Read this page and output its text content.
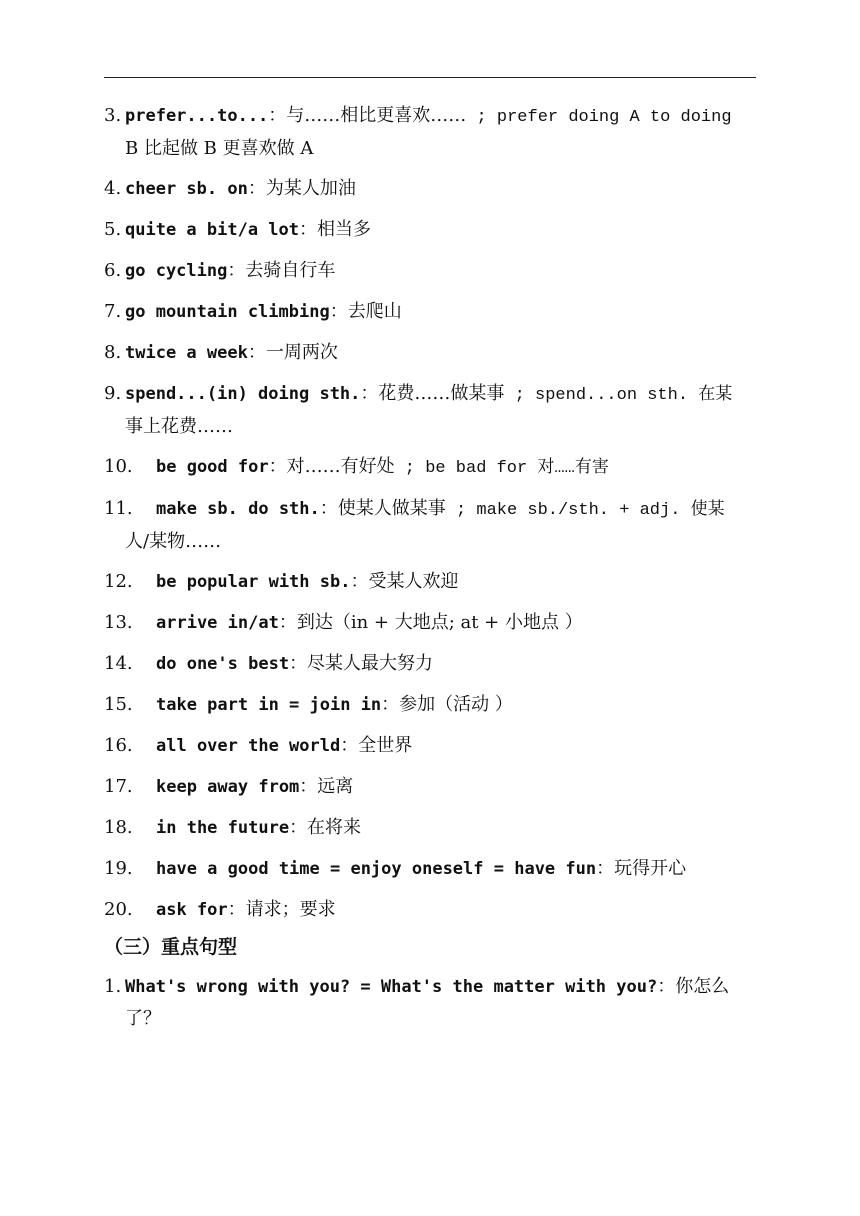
3. prefer...to...：与……相比更喜欢…… ; prefer doing A to doing
B 比起做 B 更喜欢做 A
4. cheer sb. on：为某人加油
5. quite a bit/a lot：相当多
6. go cycling：去骑自行车
7. go mountain climbing：去爬山
8. twice a week：一周两次
9. spend...(in) doing sth.：花费……做某事 ; spend...on sth. 在某
事上花费……
10.	be good for：对……有好处 ; be bad for 对……有害
11.	make sb. do sth.：使某人做某事 ; make sb./sth. + adj. 使某
人/某物……
12.	be popular with sb.：受某人欢迎
13.	arrive in/at：到达（in + 大地点; at + 小地点 ）
14.	do one's best：尽某人最大努力
15.	take part in = join in：参加（活动 ）
16.	all over the world：全世界
17.	keep away from：远离
18.	in the future：在将来
19.	have a good time = enjoy oneself = have fun：玩得开心
20.	ask for：请求；要求
（三）重点句型
1. What's wrong with you? = What's the matter with you?：你怎么
了？
